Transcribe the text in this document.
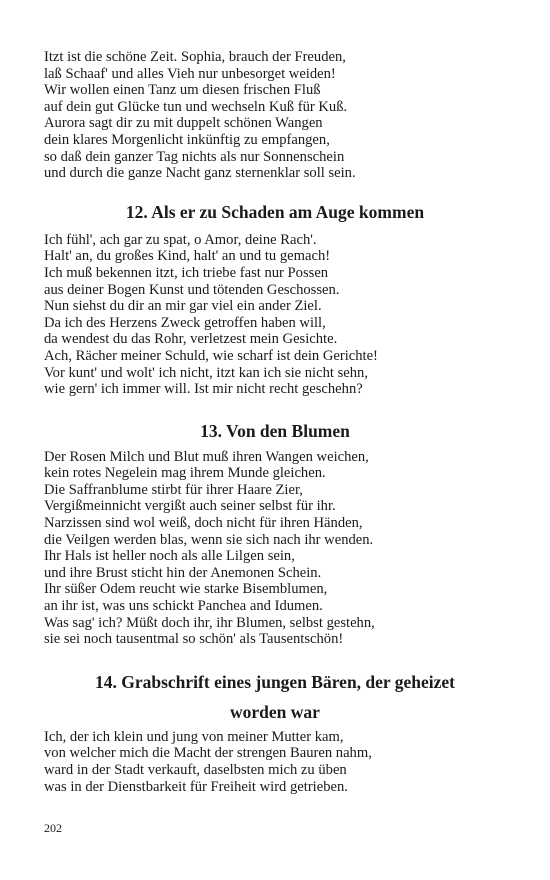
Itzt ist die schöne Zeit. Sophia, brauch der Freuden,
laß Schaaf' und alles Vieh nur unbesorget weiden!
Wir wollen einen Tanz um diesen frischen Fluß
auf dein gut Glücke tun und wechseln Kuß für Kuß.
Aurora sagt dir zu mit duppelt schönen Wangen
dein klares Morgenlicht inkünftig zu empfangen,
so daß dein ganzer Tag nichts als nur Sonnenschein
und durch die ganze Nacht ganz sternenklar soll sein.
12. Als er zu Schaden am Auge kommen
Ich fühl', ach gar zu spat, o Amor, deine Rach'.
Halt' an, du großes Kind, halt' an und tu gemach!
Ich muß bekennen itzt, ich triebe fast nur Possen
aus deiner Bogen Kunst und tötenden Geschossen.
Nun siehst du dir an mir gar viel ein ander Ziel.
Da ich des Herzens Zweck getroffen haben will,
da wendest du das Rohr, verletzest mein Gesichte.
Ach, Rächer meiner Schuld, wie scharf ist dein Gerichte!
Vor kunt' und wolt' ich nicht, itzt kan ich sie nicht sehn,
wie gern' ich immer will. Ist mir nicht recht geschehn?
13. Von den Blumen
Der Rosen Milch und Blut muß ihren Wangen weichen,
kein rotes Negelein mag ihrem Munde gleichen.
Die Saffranblume stirbt für ihrer Haare Zier,
Vergißmeinnicht vergißt auch seiner selbst für ihr.
Narzissen sind wol weiß, doch nicht für ihren Händen,
die Veilgen werden blas, wenn sie sich nach ihr wenden.
Ihr Hals ist heller noch als alle Lilgen sein,
und ihre Brust sticht hin der Anemonen Schein.
Ihr süßer Odem reucht wie starke Bisemblumen,
an ihr ist, was uns schickt Panchea and Idumen.
Was sag' ich? Müßt doch ihr, ihr Blumen, selbst gestehn,
sie sei noch tausentmal so schön' als Tausentschön!
14. Grabschrift eines jungen Bären, der geheizet
worden war
Ich, der ich klein und jung von meiner Mutter kam,
von welcher mich die Macht der strengen Bauren nahm,
ward in der Stadt verkauft, daselbsten mich zu üben
was in der Dienstbarkeit für Freiheit wird getrieben.
202
